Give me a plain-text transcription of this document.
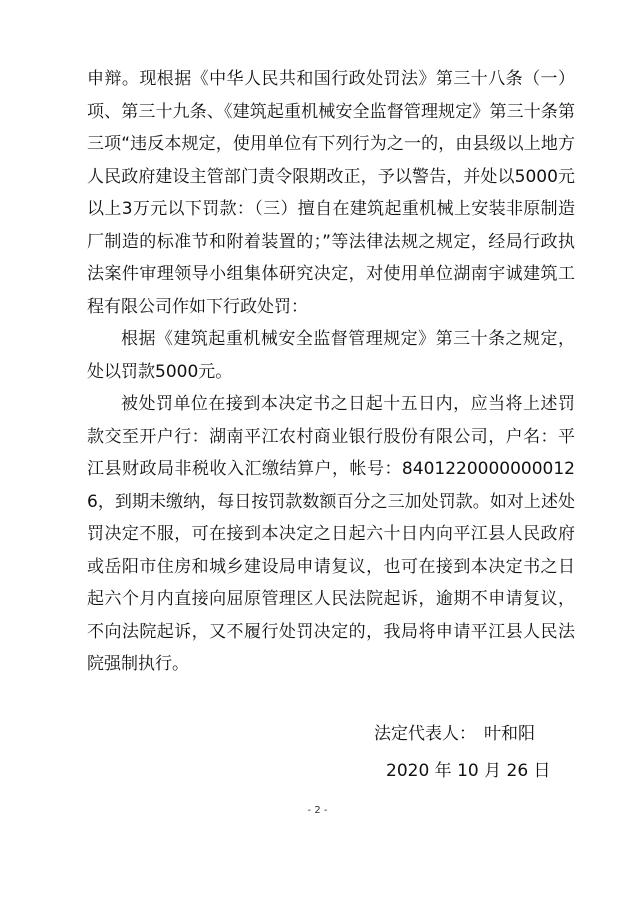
申辩。现根据《中华人民共和国行政处罚法》第三十八条（一）项、第三十九条、《建筑起重机械安全监督管理规定》第三十条第三项“违反本规定，使用单位有下列行为之一的，由县级以上地方人民政府建设主管部门责令限期改正，予以警告，并处以5000元以上3万元以下罚款：（三）擅自在建筑起重机械上安装非原制造厂制造的标准节和附着装置的；”等法律法规之规定，经局行政执法案件审理领导小组集体研究决定，对使用单位湖南宇诚建筑工程有限公司作如下行政处罚：

根据《建筑起重机械安全监督管理规定》第三十条之规定，处以罚款5000元。

被处罚单位在接到本决定书之日起十五日内，应当将上述罚款交至开户行：湖南平江农村商业银行股份有限公司，户名：平江县财政局非税收入汇缴结算户，帐号：84012200000000126，到期未缴纳，每日按罚款数额百分之三加处罚款。如对上述处罚决定不服，可在接到本决定之日起六十日内向平江县人民政府或岳阳市住房和城乡建设局申请复议，也可在接到本决定书之日起六个月内直接向屈原管理区人民法院起诉，逾期不申请复议，不向法院起诉，又不履行处罚决定的，我局将申请平江县人民法院强制执行。

法定代表人： 叶和阳
2020 年 10 月 26 日
- 2 -
